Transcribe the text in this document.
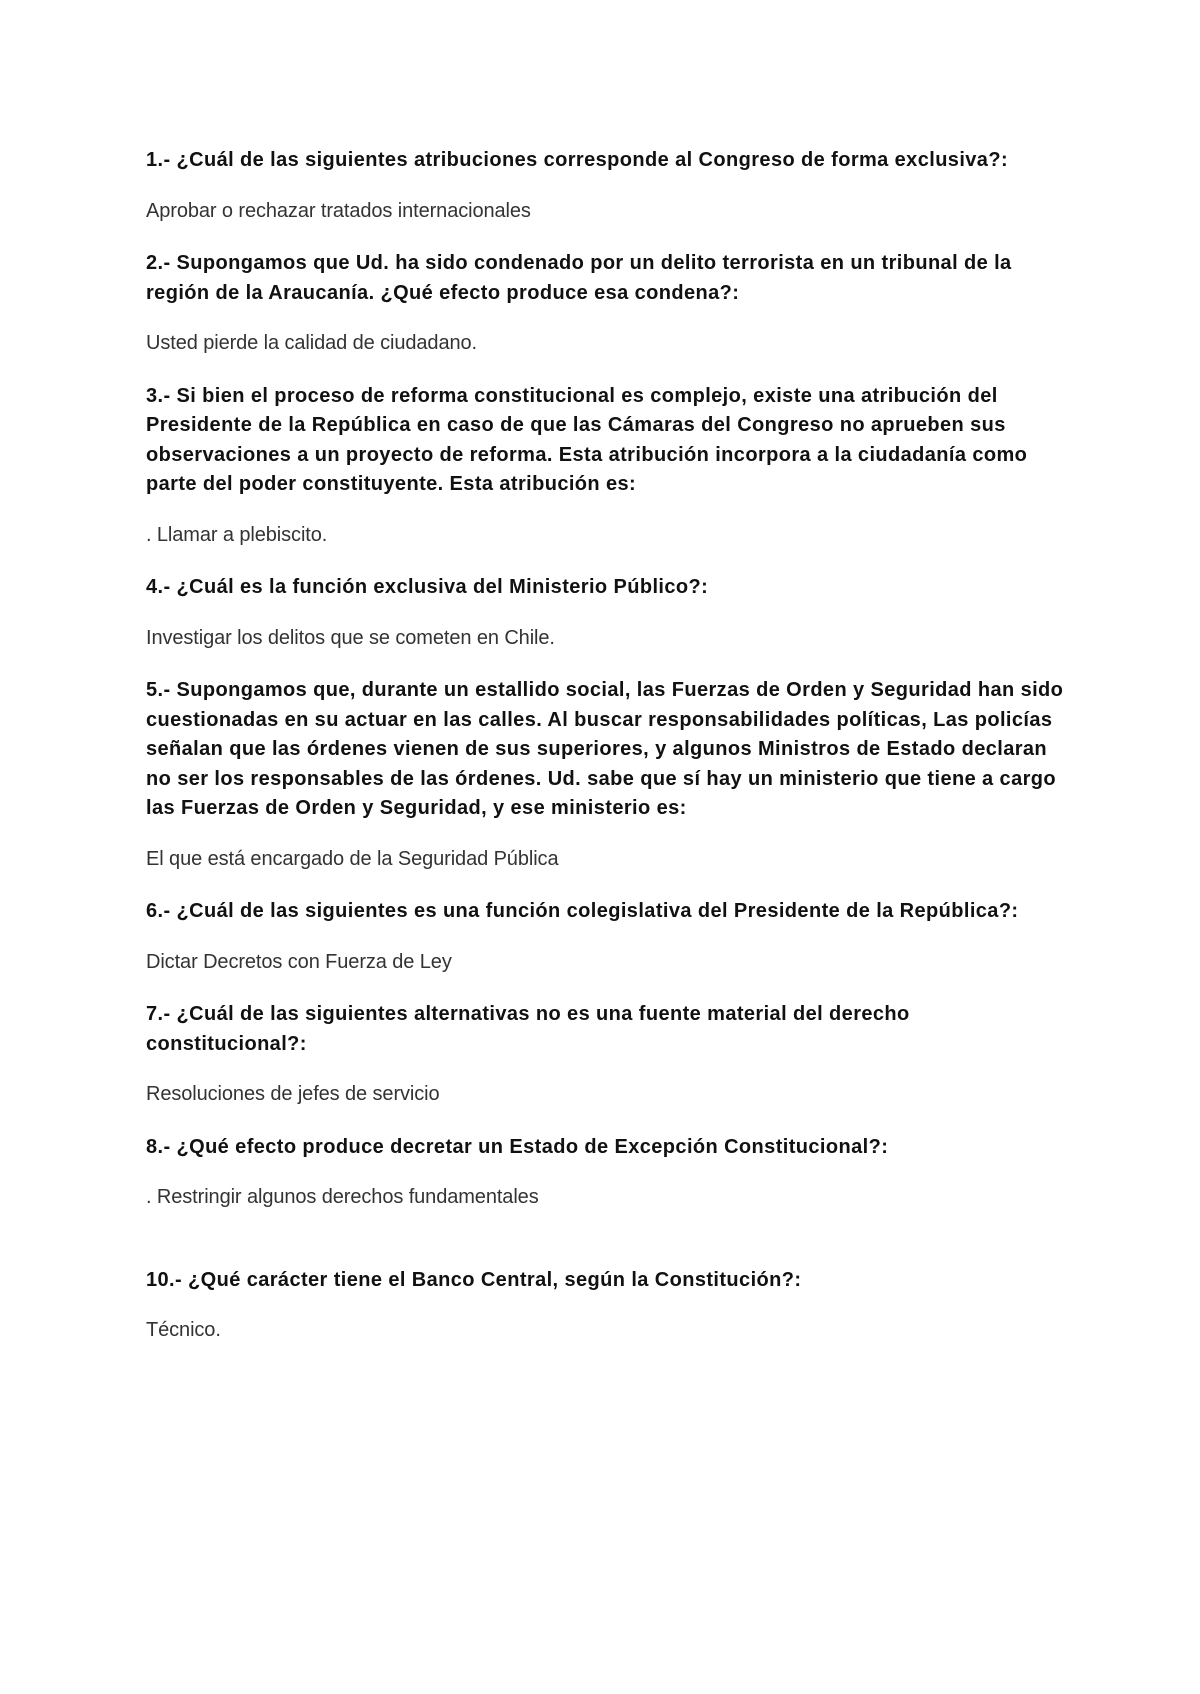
1.- ¿Cuál de las siguientes atribuciones corresponde al Congreso de forma exclusiva?:

Aprobar o rechazar tratados internacionales

2.- Supongamos que Ud. ha sido condenado por un delito terrorista en un tribunal de la región de la Araucanía. ¿Qué efecto produce esa condena?:

Usted pierde la calidad de ciudadano.

3.- Si bien el proceso de reforma constitucional es complejo, existe una atribución del Presidente de la República en caso de que las Cámaras del Congreso no aprueben sus observaciones a un proyecto de reforma. Esta atribución incorpora a la ciudadanía como parte del poder constituyente. Esta atribución es:

. Llamar a plebiscito.

4.- ¿Cuál es la función exclusiva del Ministerio Público?:

Investigar los delitos que se cometen en Chile.

5.- Supongamos que, durante un estallido social, las Fuerzas de Orden y Seguridad han sido cuestionadas en su actuar en las calles. Al buscar responsabilidades políticas, Las policías señalan que las órdenes vienen de sus superiores, y algunos Ministros de Estado declaran no ser los responsables de las órdenes. Ud. sabe que sí hay un ministerio que tiene a cargo las Fuerzas de Orden y Seguridad, y ese ministerio es:

El que está encargado de la Seguridad Pública

6.- ¿Cuál de las siguientes es una función colegislativa del Presidente de la República?:

Dictar Decretos con Fuerza de Ley

7.- ¿Cuál de las siguientes alternativas no es una fuente material del derecho constitucional?:

Resoluciones de jefes de servicio

8.- ¿Qué efecto produce decretar un Estado de Excepción Constitucional?:

. Restringir algunos derechos fundamentales

10.- ¿Qué carácter tiene el Banco Central, según la Constitución?:

Técnico.
